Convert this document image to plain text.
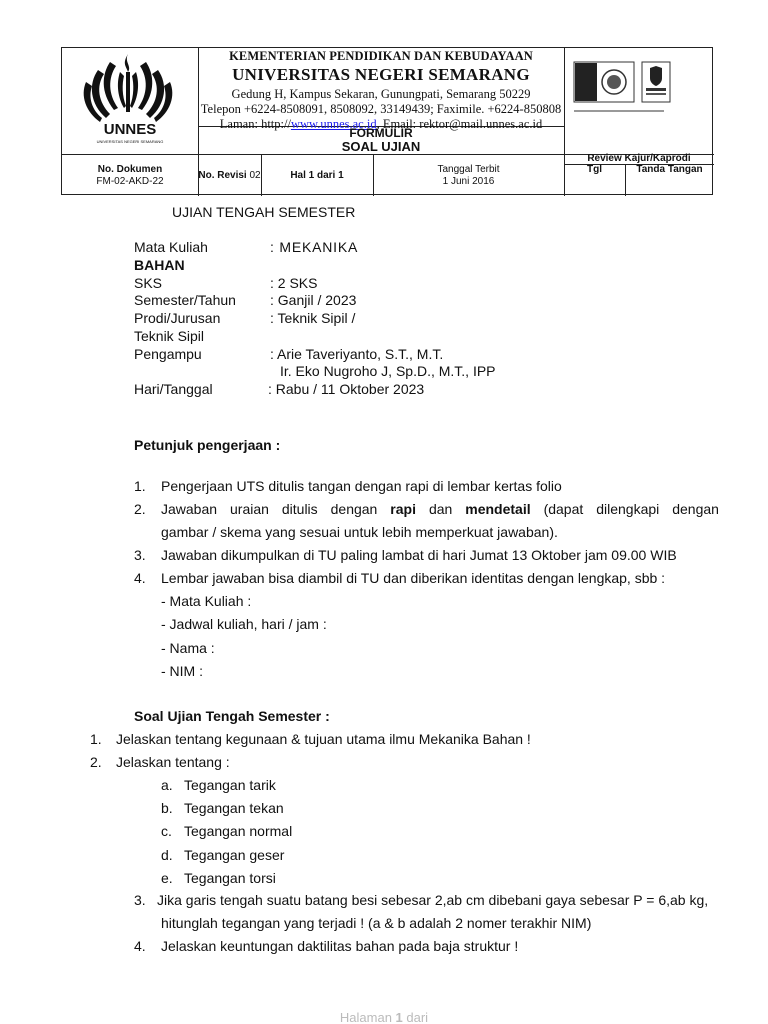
UNNES
UNIVERSITAS NEGERI SEMARANG
KEMENTERIAN PENDIDIKAN DAN KEBUDAYAAN
UNIVERSITAS NEGERI SEMARANG
Gedung H, Kampus Sekaran, Gunungpati, Semarang 50229
Telepon +6224-8508091, 8508092, 33149439; Faximile. +6224-850808
Laman: http://www.unnes.ac.id, Email: rektor@mail.unnes.ac.id
FORMULIR
SOAL UJIAN
No. Dokumen
FM-02-AKD-22
No. Revisi 02	Hal 1 dari 1
Tanggal Terbit
1 Juni 2016
Review Kajur/Kaprodi
Tgl	Tanda Tangan
UJIAN TENGAH SEMESTER
Mata Kuliah	: MEKANIKA
BAHAN
SKS	: 2 SKS
Semester/Tahun : Ganjil / 2023
Prodi/Jurusan	: Teknik Sipil /
Teknik Sipil
Pengampu	: Arie Taveriyanto, S.T., M.T.
Ir. Eko Nugroho J, Sp.D., M.T., IPP
Hari/Tanggal	: Rabu / 11 Oktober 2023
Petunjuk pengerjaan :
1. Pengerjaan UTS ditulis tangan dengan rapi di lembar kertas folio
2. Jawaban uraian ditulis dengan rapi dan mendetail (dapat dilengkapi dengan
gambar / skema yang sesuai untuk lebih memperkuat jawaban).
3. Jawaban dikumpulkan di TU paling lambat di hari Jumat 13 Oktober jam 09.00 WIB
4. Lembar jawaban bisa diambil di TU dan diberikan identitas dengan lengkap, sbb :
- Mata Kuliah :
- Jadwal kuliah, hari / jam :
- Nama :
- NIM :
Soal Ujian Tengah Semester :
1. Jelaskan tentang kegunaan & tujuan utama ilmu Mekanika Bahan !
2. Jelaskan tentang :
a. Tegangan tarik
b. Tegangan tekan
c. Tegangan normal
d. Tegangan geser
e. Tegangan torsi
3. Jika garis tengah suatu batang besi sebesar 2,ab cm dibebani gaya sebesar P = 6,ab kg,
hitunglah tegangan yang terjadi ! (a & b adalah 2 nomer terakhir NIM)
4. Jelaskan keuntungan daktilitas bahan pada baja struktur !
Halaman 1 dari
